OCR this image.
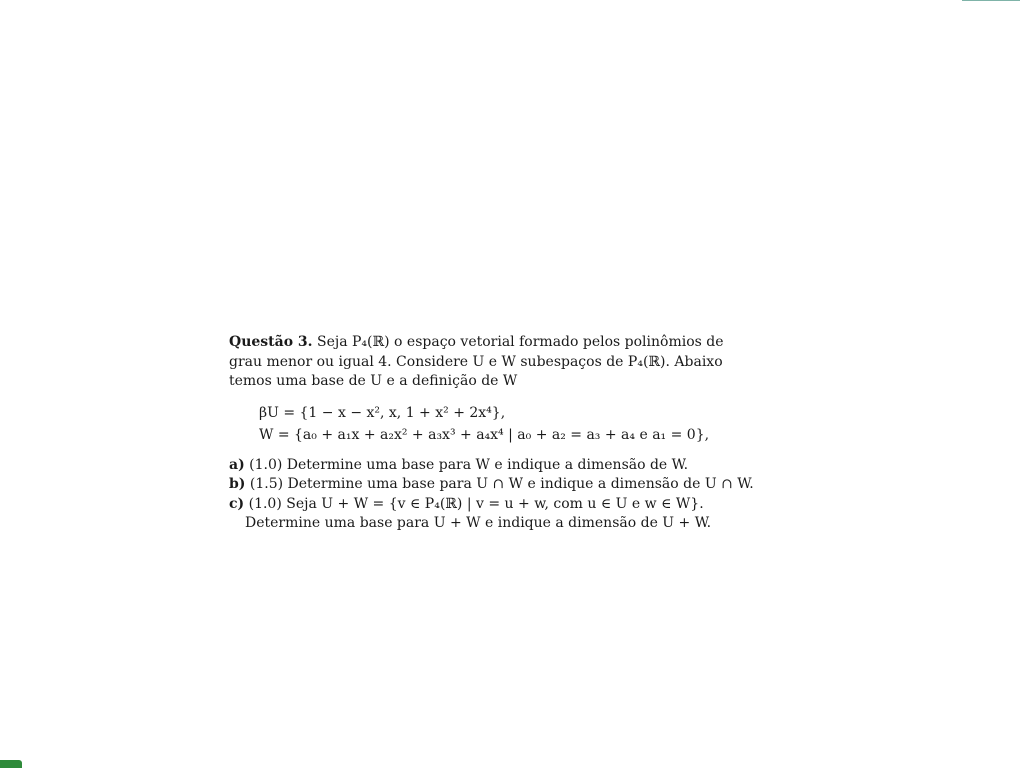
Questão 3. Seja P₄(ℝ) o espaço vetorial formado pelos polinômios de grau menor ou igual 4. Considere U e W subespaços de P₄(ℝ). Abaixo temos uma base de U e a definição de W

βU = {1 − x − x², x, 1 + x² + 2x⁴},
W = {a₀ + a₁x + a₂x² + a₃x³ + a₄x⁴ | a₀ + a₂ = a₃ + a₄ e a₁ = 0},
a) (1.0) Determine uma base para W e indique a dimensão de W.
b) (1.5) Determine uma base para U ∩ W e indique a dimensão de U ∩ W.
c) (1.0) Seja U + W = {v ∈ P₄(ℝ) | v = u + w, com u ∈ U e w ∈ W}.
Determine uma base para U + W e indique a dimensão de U + W.
